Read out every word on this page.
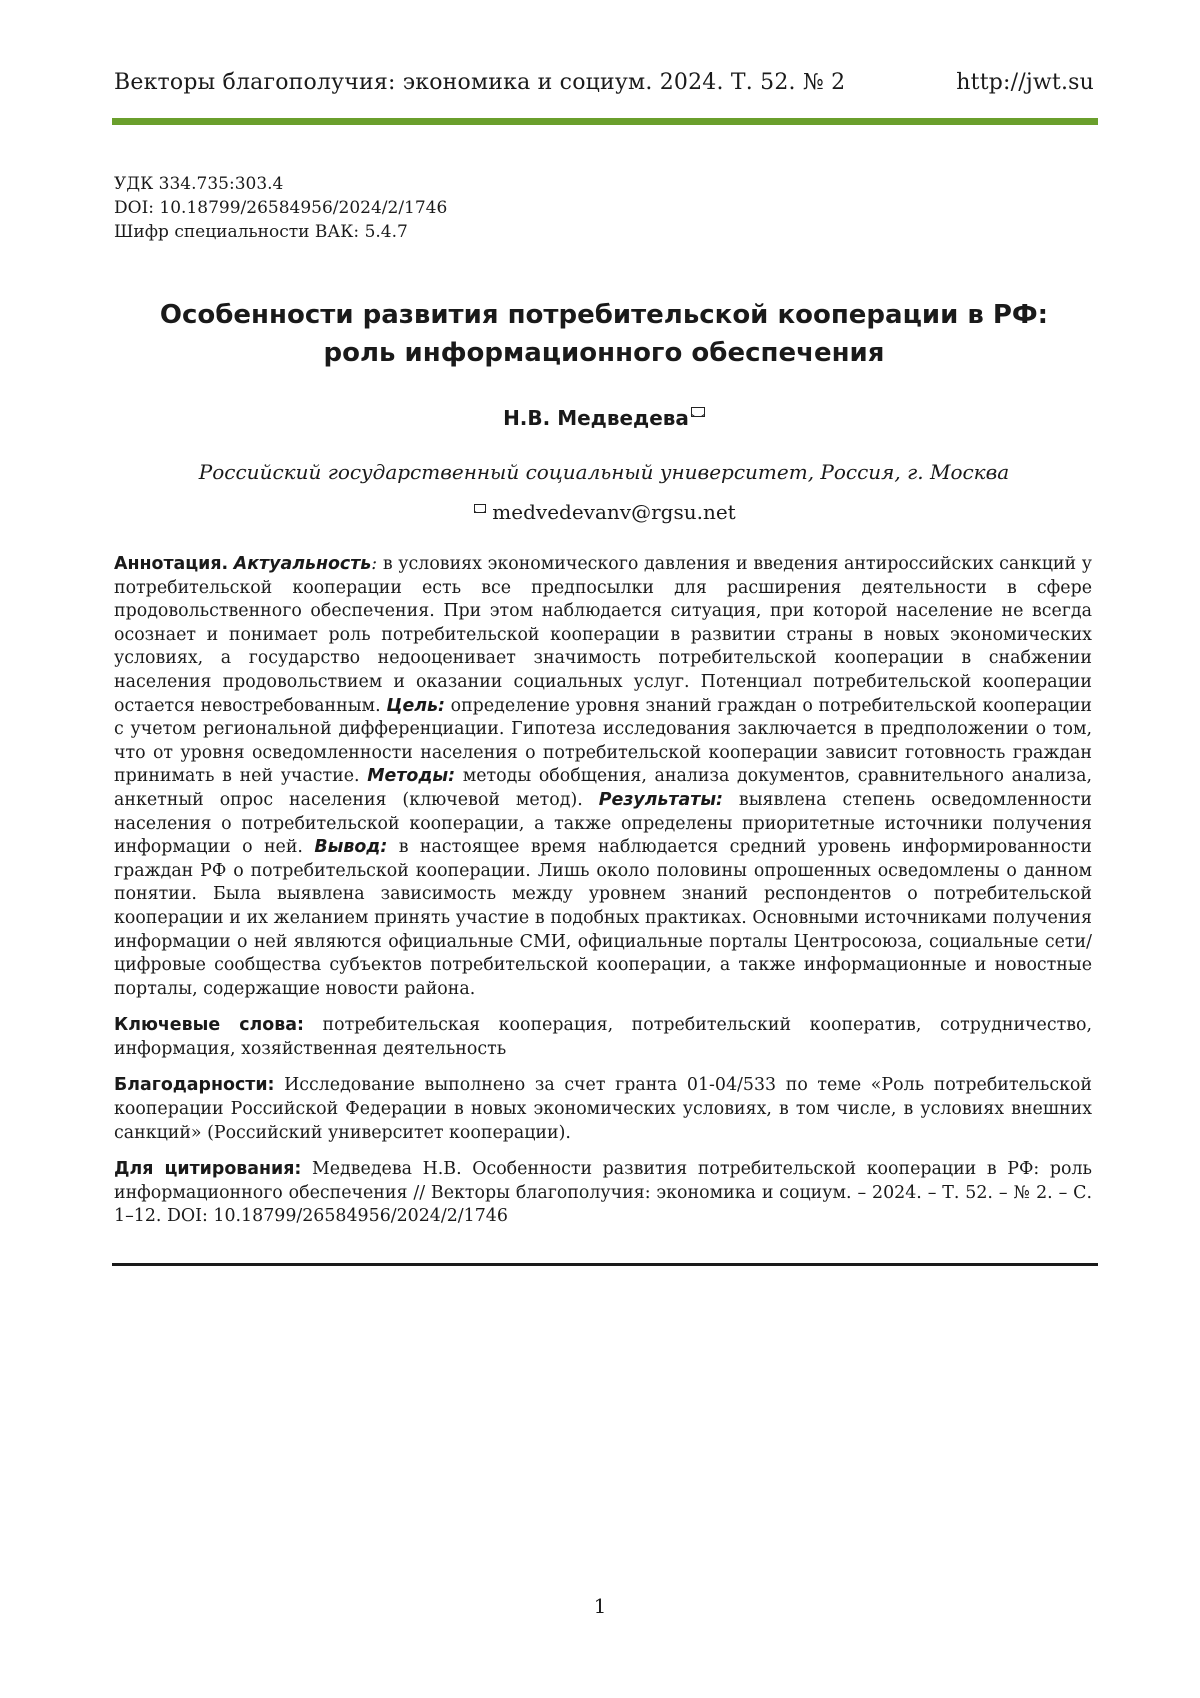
Векторы благополучия: экономика и социум. 2024. Т. 52. № 2	http://jwt.su
УДК 334.735:303.4
DOI: 10.18799/26584956/2024/2/1746
Шифр специальности ВАК: 5.4.7
Особенности развития потребительской кооперации в РФ:
роль информационного обеспечения
Н.В. Медведева
Российский государственный социальный университет, Россия, г. Москва
medvedevanv@rgsu.net

Аннотация. Актуальность: в условиях экономического давления и введения антироссийских санкций у потребительской кооперации есть все предпосылки для расширения деятельности в сфере продовольственного обеспечения. При этом наблюдается ситуация, при которой население не всегда осознает и понимает роль потребительской кооперации в развитии страны в новых экономических условиях, а государство недооценивает значимость потребительской кооперации в снабжении населения продовольствием и оказании социальных услуг. Потенциал потребительской кооперации остается невостребованным. Цель: определение уровня знаний граждан о потребительской кооперации с учетом региональной дифференциации. Гипотеза исследования заключается в предположении о том, что от уровня осведомленности населения о потребительской кооперации зависит готовность граждан принимать в ней участие. Методы: методы обобщения, анализа документов, сравнительного анализа, анкетный опрос населения (ключевой метод). Результаты: выявлена степень осведомленности населения о потребительской кооперации, а также определены приоритетные источники получения информации о ней. Вывод: в настоящее время наблюдается средний уровень информированности граждан РФ о потребительской кооперации. Лишь около половины опрошенных осведомлены о данном понятии. Была выявлена зависимость между уровнем знаний респондентов о потребительской кооперации и их желанием принять участие в подобных практиках. Основными источниками получения информации о ней являются официальные СМИ, официальные порталы Центросоюза, социальные сети/цифровые сообщества субъектов потребительской кооперации, а также информационные и новостные порталы, содержащие новости района.

Ключевые слова: потребительская кооперация, потребительский кооператив, сотрудничество, информация, хозяйственная деятельность

Благодарности: Исследование выполнено за счет гранта 01-04/533 по теме «Роль потребительской кооперации Российской Федерации в новых экономических условиях, в том числе, в условиях внешних санкций» (Российский университет кооперации).

Для цитирования: Медведева Н.В. Особенности развития потребительской кооперации в РФ: роль информационного обеспечения // Векторы благополучия: экономика и социум. – 2024. – Т. 52. – № 2. – С. 1–12. DOI: 10.18799/26584956/2024/2/1746

1
